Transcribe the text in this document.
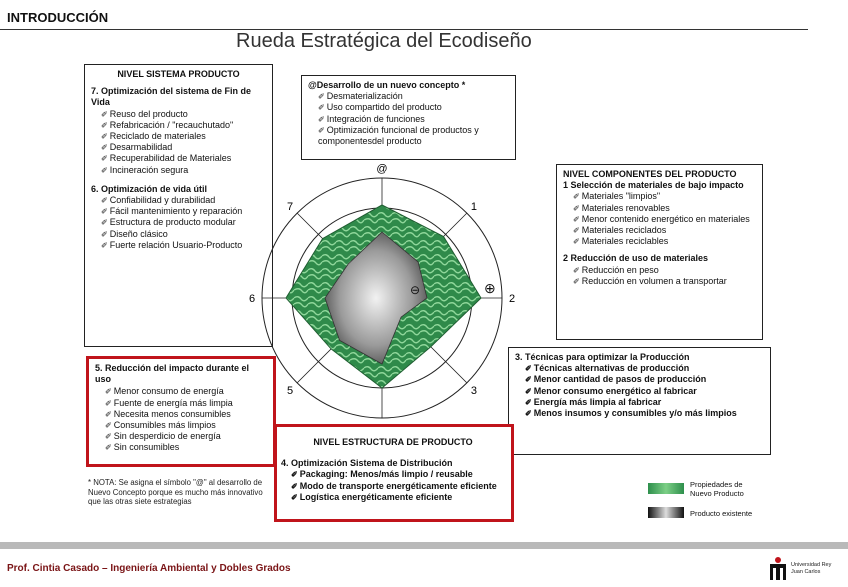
INTRODUCCIÓN
Rueda Estratégica del Ecodiseño

NIVEL SISTEMA PRODUCTO

7. Optimización del sistema de Fin de Vida

✐ Reuso del producto

✐ Refabricación / "recauchutado"

✐ Reciclado de materiales

✐ Desarmabilidad

✐ Recuperabilidad de Materiales

✐ Incineración segura

6. Optimización de vida útil

✐ Confiabilidad y durabilidad

✐ Fácil mantenimiento y reparación

✐ Estructura de producto modular

✐ Diseño clásico

✐ Fuerte relación Usuario-Producto

@Desarrollo de un nuevo concepto *

✐ Desmaterialización

✐ Uso compartido del producto

✐ Integración de funciones

✐ Optimización funcional de productos y componentesdel producto

NIVEL COMPONENTES DEL PRODUCTO

1 Selección de materiales de bajo impacto

✐ Materiales "limpios"

✐ Materiales renovables

✐ Menor contenido energético en materiales

✐ Materiales reciclados

✐ Materiales reciclables

2 Reducción de uso de materiales

✐ Reducción en peso

✐ Reducción en volumen a transportar

3. Técnicas para optimizar la Producción

✐ Técnicas alternativas de producción

✐ Menor cantidad de pasos de producción

✐ Menor consumo energético al fabricar

✐ Energía más limpia al fabricar

✐ Menos insumos y consumibles y/o más limpios

5. Reducción del impacto durante el uso

✐ Menor consumo de energía

✐ Fuente de energía más limpia

✐ Necesita menos consumibles

✐ Consumibles más limpios

✐ Sin desperdicio de energía

✐ Sin consumibles

@
1
2
3
5
6
7
⊕
⊖

NIVEL ESTRUCTURA DE PRODUCTO

4. Optimización Sistema de Distribución

✐ Packaging: Menos/más limpio / reusable

✐ Modo de transporte energéticamente eficiente

✐ Logística energéticamente eficiente

* NOTA: Se asigna el símbolo "@" al desarrollo de Nuevo Concepto porque es mucho más innovativo que las otras siete estrategias
Propiedades de Nuevo Producto
Producto existente
Prof. Cintia Casado – Ingeniería Ambiental y Dobles Grados	Universidad Rey Juan Carlos
